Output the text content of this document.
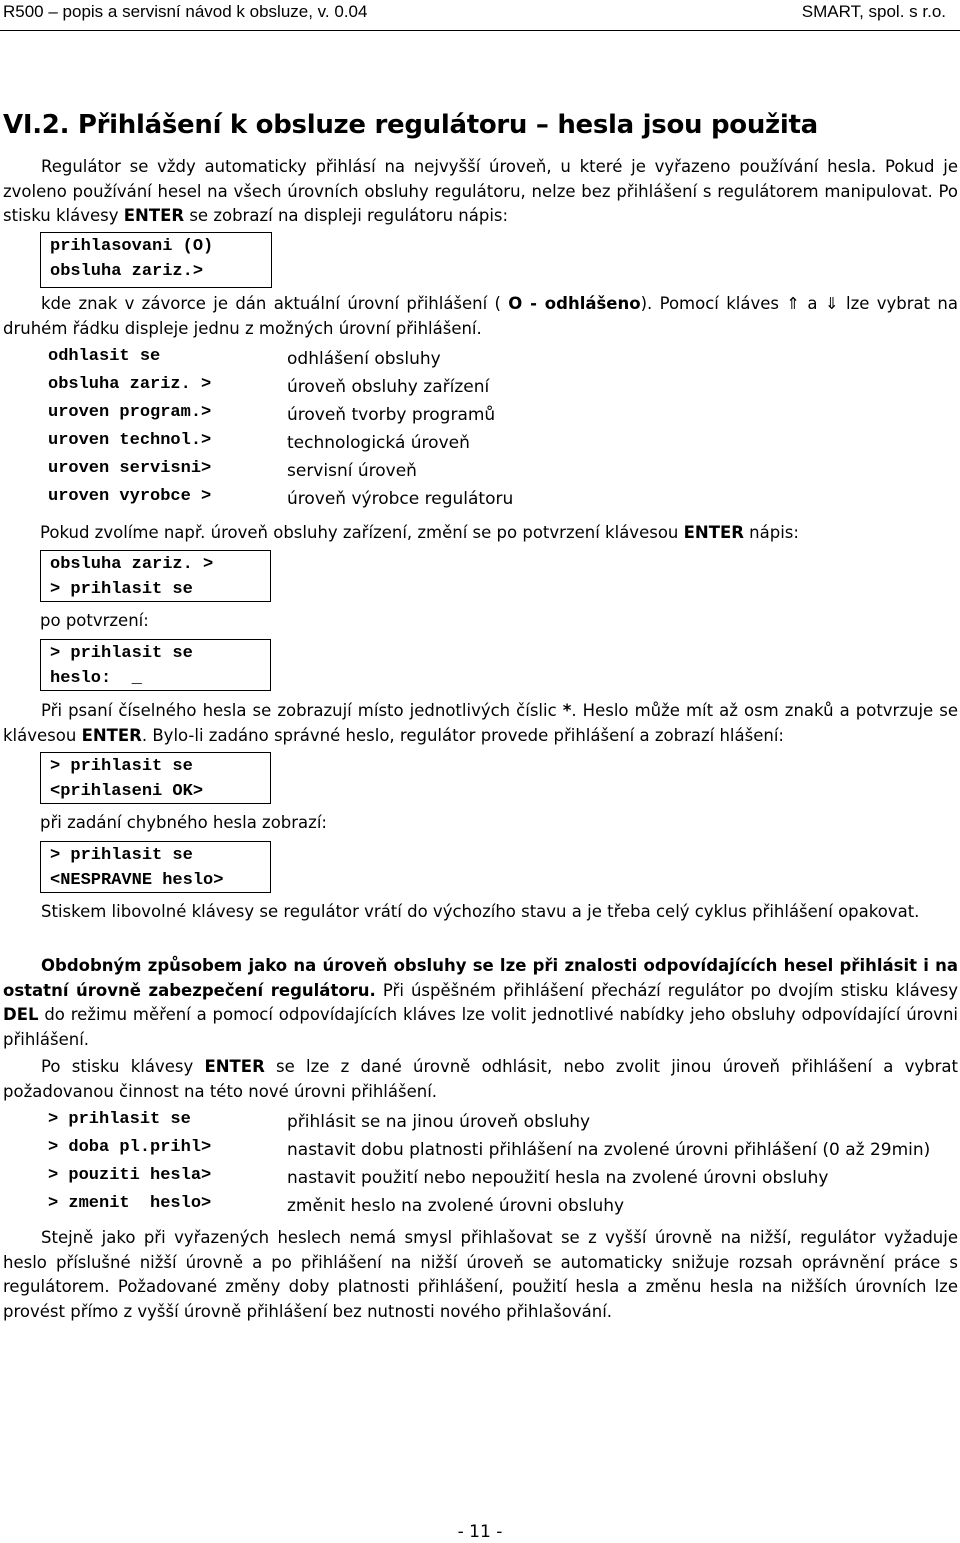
R500 – popis a servisní návod k obsluze, v. 0.04	SMART, spol. s r.o.
VI.2. Přihlášení k obsluze regulátoru – hesla jsou použita
Regulátor se vždy automaticky přihlásí na nejvyšší úroveň, u které je vyřazeno používání hesla. Pokud je zvoleno používání hesel na všech úrovních obsluhy regulátoru, nelze bez přihlášení s regulátorem manipulovat. Po stisku klávesy ENTER se zobrazí na displeji regulátoru nápis:
prihlasovani (O)
obsluha zariz.>
kde znak v závorce je dán aktuální úrovní přihlášení ( O - odhlášeno). Pomocí kláves ⇑ a ⇓ lze vybrat na druhém řádku displeje jednu z možných úrovní přihlášení.
odhlasit se	odhlášení obsluhy
obsluha zariz. >	úroveň obsluhy zařízení
uroven program.>	úroveň tvorby programů
uroven technol.>	technologická úroveň
uroven servisni>	servisní úroveň
uroven vyrobce >	úroveň výrobce regulátoru
Pokud zvolíme např. úroveň obsluhy zařízení, změní se po potvrzení klávesou ENTER nápis:
obsluha zariz. >
> prihlasit se
po potvrzení:
> prihlasit se
heslo:  _
Při psaní číselného hesla se zobrazují místo jednotlivých číslic *. Heslo může mít až osm znaků a potvrzuje se klávesou ENTER. Bylo-li zadáno správné heslo, regulátor provede přihlášení a zobrazí hlášení:
> prihlasit se
<prihlaseni OK>
při zadání chybného hesla zobrazí:
> prihlasit se
<NESPRAVNE heslo>
Stiskem libovolné klávesy se regulátor vrátí do výchozího stavu a je třeba celý cyklus přihlášení opakovat.
Obdobným způsobem jako na úroveň obsluhy se lze při znalosti odpovídajících hesel přihlásit i na ostatní úrovně zabezpečení regulátoru. Při úspěšném přihlášení přechází regulátor po dvojím stisku klávesy DEL do režimu měření a pomocí odpovídajících kláves lze volit jednotlivé nabídky jeho obsluhy odpovídající úrovni přihlášení.
Po stisku klávesy ENTER se lze z dané úrovně odhlásit, nebo zvolit jinou úroveň přihlášení a vybrat požadovanou činnost na této nové úrovni přihlášení.
> prihlasit se	přihlásit se na jinou úroveň obsluhy
> doba pl.prihl>	nastavit dobu platnosti přihlášení na zvolené úrovni přihlášení (0 až 29min)
> pouziti hesla>	nastavit použití nebo nepoužití hesla na zvolené úrovni obsluhy
> zmenit  heslo>	změnit heslo na zvolené úrovni obsluhy
Stejně jako při vyřazených heslech nemá smysl přihlašovat se z vyšší úrovně na nižší, regulátor vyžaduje heslo příslušné nižší úrovně a po přihlášení na nižší úroveň se automaticky snižuje rozsah oprávnění práce s regulátorem. Požadované změny doby platnosti přihlášení, použití hesla a změnu hesla na nižších úrovních lze provést přímo z vyšší úrovně přihlášení bez nutnosti nového přihlašování.
- 11 -
